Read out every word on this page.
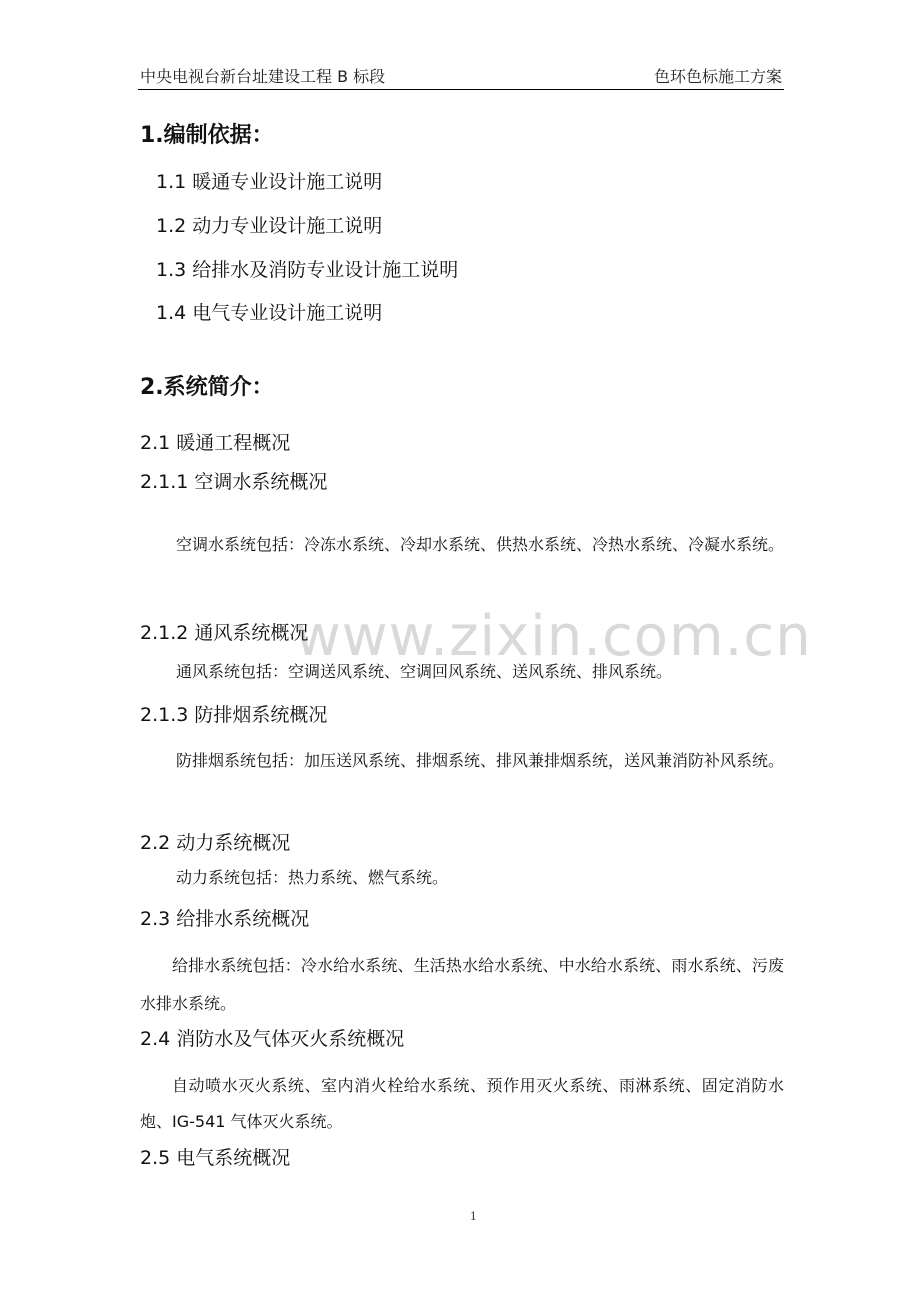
中央电视台新台址建设工程 B 标段	色环色标施工方案
1.编制依据：
1.1 暖通专业设计施工说明
1.2 动力专业设计施工说明
1.3 给排水及消防专业设计施工说明
1.4 电气专业设计施工说明
2.系统简介：
2.1 暖通工程概况
2.1.1 空调水系统概况
空调水系统包括：冷冻水系统、冷却水系统、供热水系统、冷热水系统、冷凝水系统。
www.zixin.com.cn
2.1.2 通风系统概况
通风系统包括：空调送风系统、空调回风系统、送风系统、排风系统。
2.1.3 防排烟系统概况
防排烟系统包括：加压送风系统、排烟系统、排风兼排烟系统，送风兼消防补风系统。
2.2 动力系统概况
动力系统包括：热力系统、燃气系统。
2.3 给排水系统概况
给排水系统包括：冷水给水系统、生活热水给水系统、中水给水系统、雨水系统、污废水排水系统。
2.4 消防水及气体灭火系统概况
自动喷水灭火系统、室内消火栓给水系统、预作用灭火系统、雨淋系统、固定消防水炮、IG-541 气体灭火系统。
2.5 电气系统概况
1
